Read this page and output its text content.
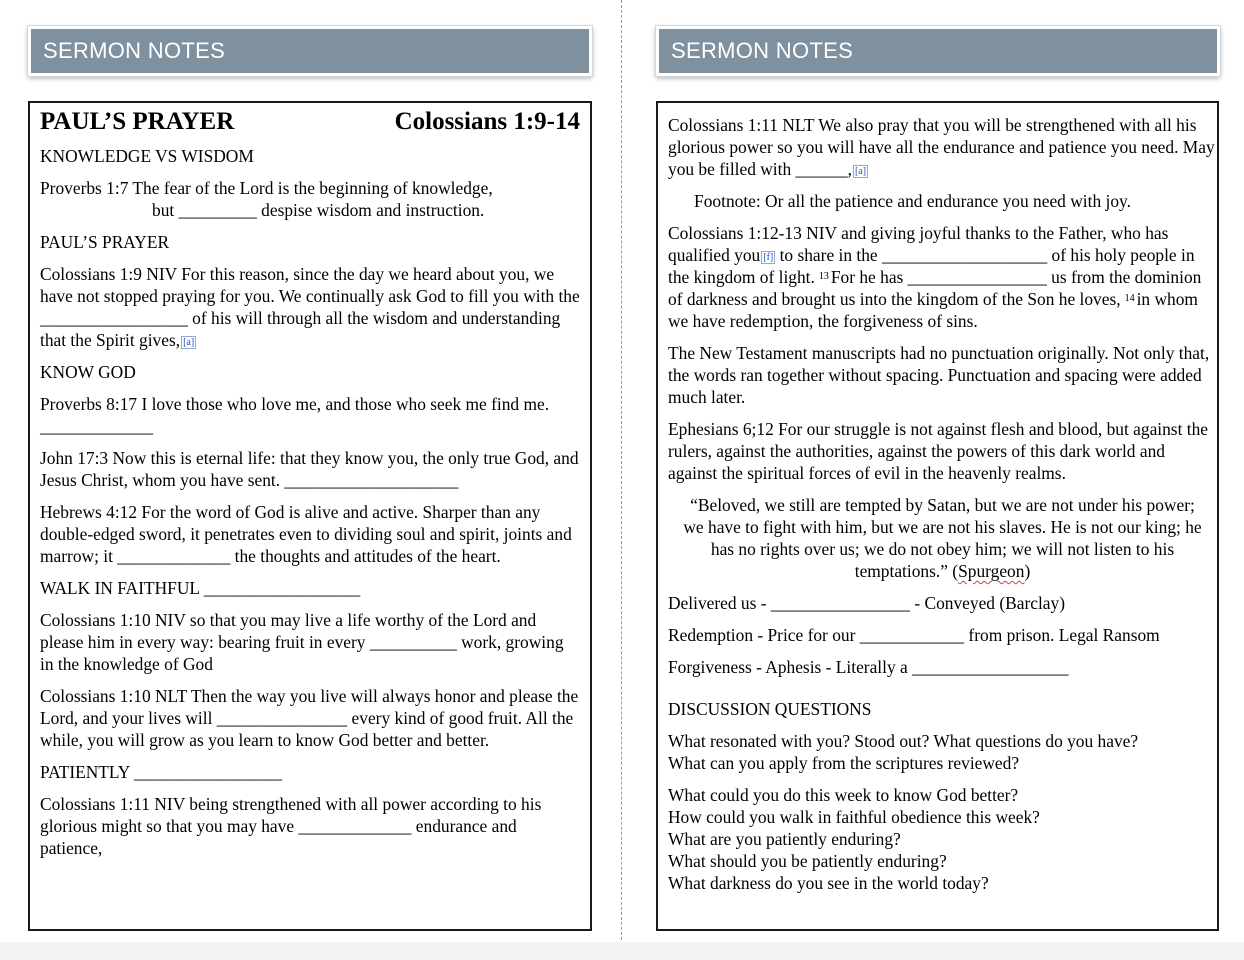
SERMON NOTES	SERMON NOTES
PAUL’S PRAYER	Colossians 1:9-14
KNOWLEDGE VS WISDOM

Proverbs 1:7 The fear of the Lord is the beginning of knowledge,
but _________ despise wisdom and instruction.

PAUL’S PRAYER

Colossians 1:9 NIV For this reason, since the day we heard about you, we have not stopped praying for you. We continually ask God to fill you with the _________________ of his will through all the wisdom and understanding that the Spirit gives, [a]

KNOW GOD

Proverbs 8:17 I love those who love me, and those who seek me find me. _____________

John 17:3 Now this is eternal life: that they know you, the only true God, and Jesus Christ, whom you have sent. ____________________

Hebrews 4:12 For the word of God is alive and active. Sharper than any double-edged sword, it penetrates even to dividing soul and spirit, joints and marrow; it _____________ the thoughts and attitudes of the heart.

WALK IN FAITHFUL __________________

Colossians 1:10 NIV so that you may live a life worthy of the Lord and please him in every way: bearing fruit in every __________ work, growing in the knowledge of God

Colossians 1:10 NLT Then the way you live will always honor and please the Lord, and your lives will _______________ every kind of good fruit. All the while, you will grow as you learn to know God better and better.

PATIENTLY _________________

Colossians 1:11 NIV being strengthened with all power according to his glorious might so that you may have _____________ endurance and patience,

Colossians 1:11 NLT We also pray that you will be strengthened with all his glorious power so you will have all the endurance and patience you need. May you be filled with ______, [a]

Footnote: Or all the patience and endurance you need with joy.

Colossians 1:12-13 NIV and giving joyful thanks to the Father, who has qualified you [f] to share in the ___________________ of his holy people in the kingdom of light. $^{13}$ For he has ________________ us from the dominion of darkness and brought us into the kingdom of the Son he loves, $^{14}$ in whom we have redemption, the forgiveness of sins.

The New Testament manuscripts had no punctuation originally. Not only that, the words ran together without spacing. Punctuation and spacing were added much later.

Ephesians 6;12 For our struggle is not against flesh and blood, but against the rulers, against the authorities, against the powers of this dark world and against the spiritual forces of evil in the heavenly realms.

“Beloved, we still are tempted by Satan, but we are not under his power; we have to fight with him, but we are not his slaves. He is not our king; he has no rights over us; we do not obey him; we will not listen to his temptations.” (Spurgeon)

Delivered us - ________________ - Conveyed (Barclay)

Redemption - Price for our ____________ from prison. Legal Ransom

Forgiveness - Aphesis - Literally a __________________

DISCUSSION QUESTIONS

What resonated with you? Stood out? What questions do you have?
What can you apply from the scriptures reviewed?

What could you do this week to know God better?
How could you walk in faithful obedience this week?
What are you patiently enduring?
What should you be patiently enduring?
What darkness do you see in the world today?
